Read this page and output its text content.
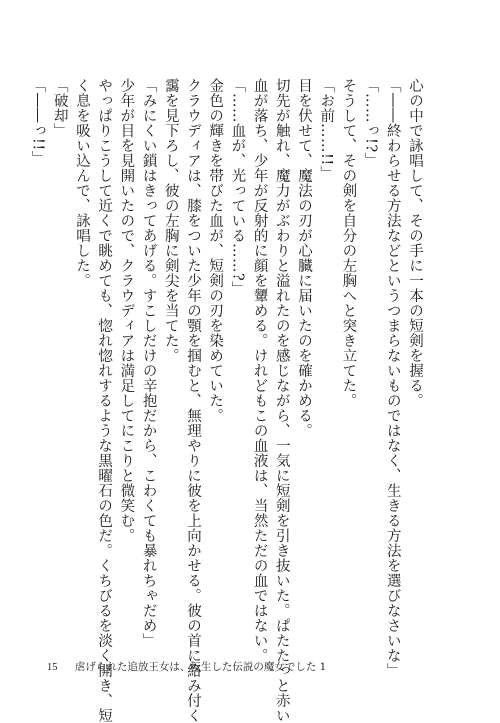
心の中で詠唱して、その手に一本の短剣を握る。
「――終わらせる方法などというつまらないものではなく、生きる方法を選びなさいな」
「……っ!?」
そうして、その剣を自分の左胸へと突き立てた。
「お前……!!」
目を伏せて、魔法の刃が心臓に届いたのを確かめる。
切先が触れ、魔力がぶわりと溢れたのを感じながら、一気に短剣を引き抜いた。ぱたたっと赤い
血が落ち、少年が反射的に顔を顰める。けれどもこの血液は、当然ただの血ではない。
「……血が、光っている……?」
金色の輝きを帯びた血が、短剣の刃を染めていた。
クラウディアは、膝をついた少年の顎を掴むと、無理やりに彼を上向かせる。彼の首に絡み付く
靄を見下ろし、彼の左胸に剣尖を当てた。
「みにくい鎖はきってあげる。すこしだけの辛抱だから、こわくても暴れちゃだめ」
少年が目を見開いたので、クラウディアは満足してにこりと微笑む。
やっぱりこうして近くで眺めても、惚れ惚れするような黒曜石の色だ。くちびるを淡く開き、短
く息を吸い込んで、詠唱した。
「破却」
「――っ!!」
15 虐げられた追放王女は、転生した伝説の魔女でした 1
